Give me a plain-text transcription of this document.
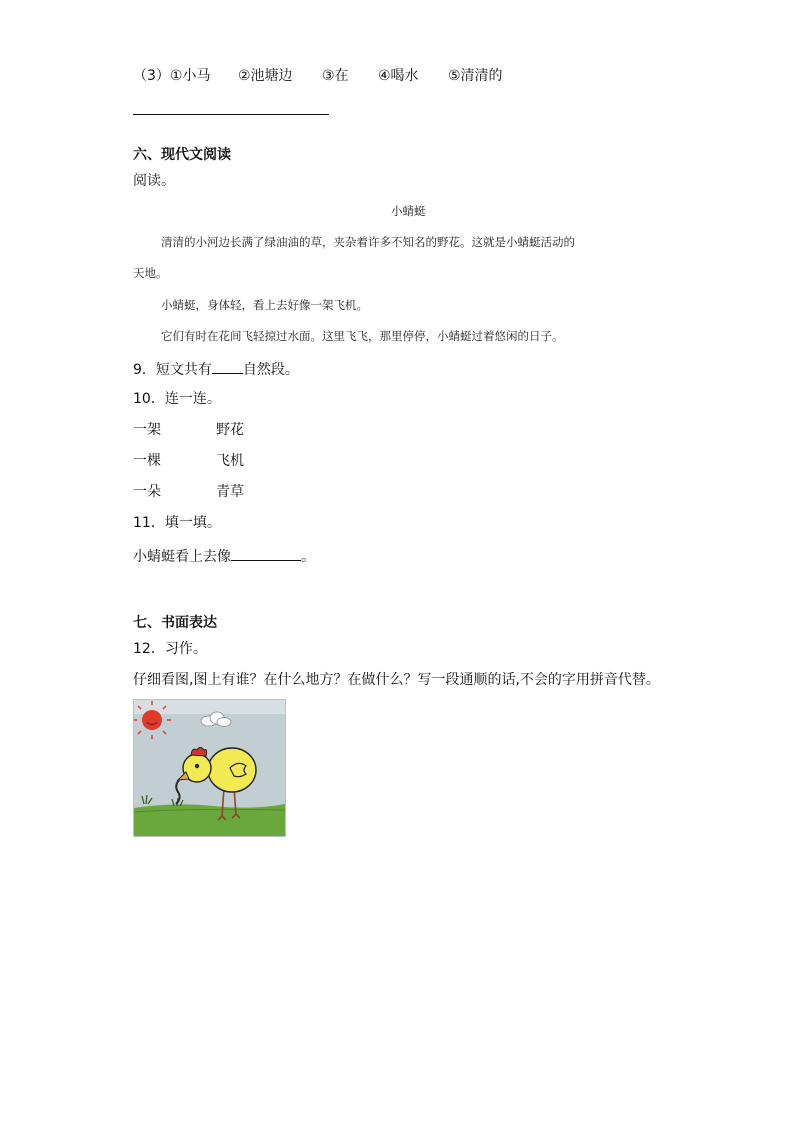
（3）①小马 ②池塘边 ③在 ④喝水 ⑤清清的
六、现代文阅读
阅读。
小蜻蜓
清清的小河边长满了绿油油的草，夹杂着许多不知名的野花。这就是小蜻蜓活动的
天地。
小蜻蜓，身体轻，看上去好像一架飞机。
它们有时在花间飞轻掠过水面。这里飞飞，那里停停，小蜻蜓过着悠闲的日子。
9．短文共有 自然段。
10．连一连。
一架	野花
一棵	飞机
一朵	青草
11．填一填。
小蜻蜓看上去像	。
七、书面表达
12．习作。
仔细看图,图上有谁？在什么地方？在做什么？写一段通顺的话,不会的字用拼音代替。
